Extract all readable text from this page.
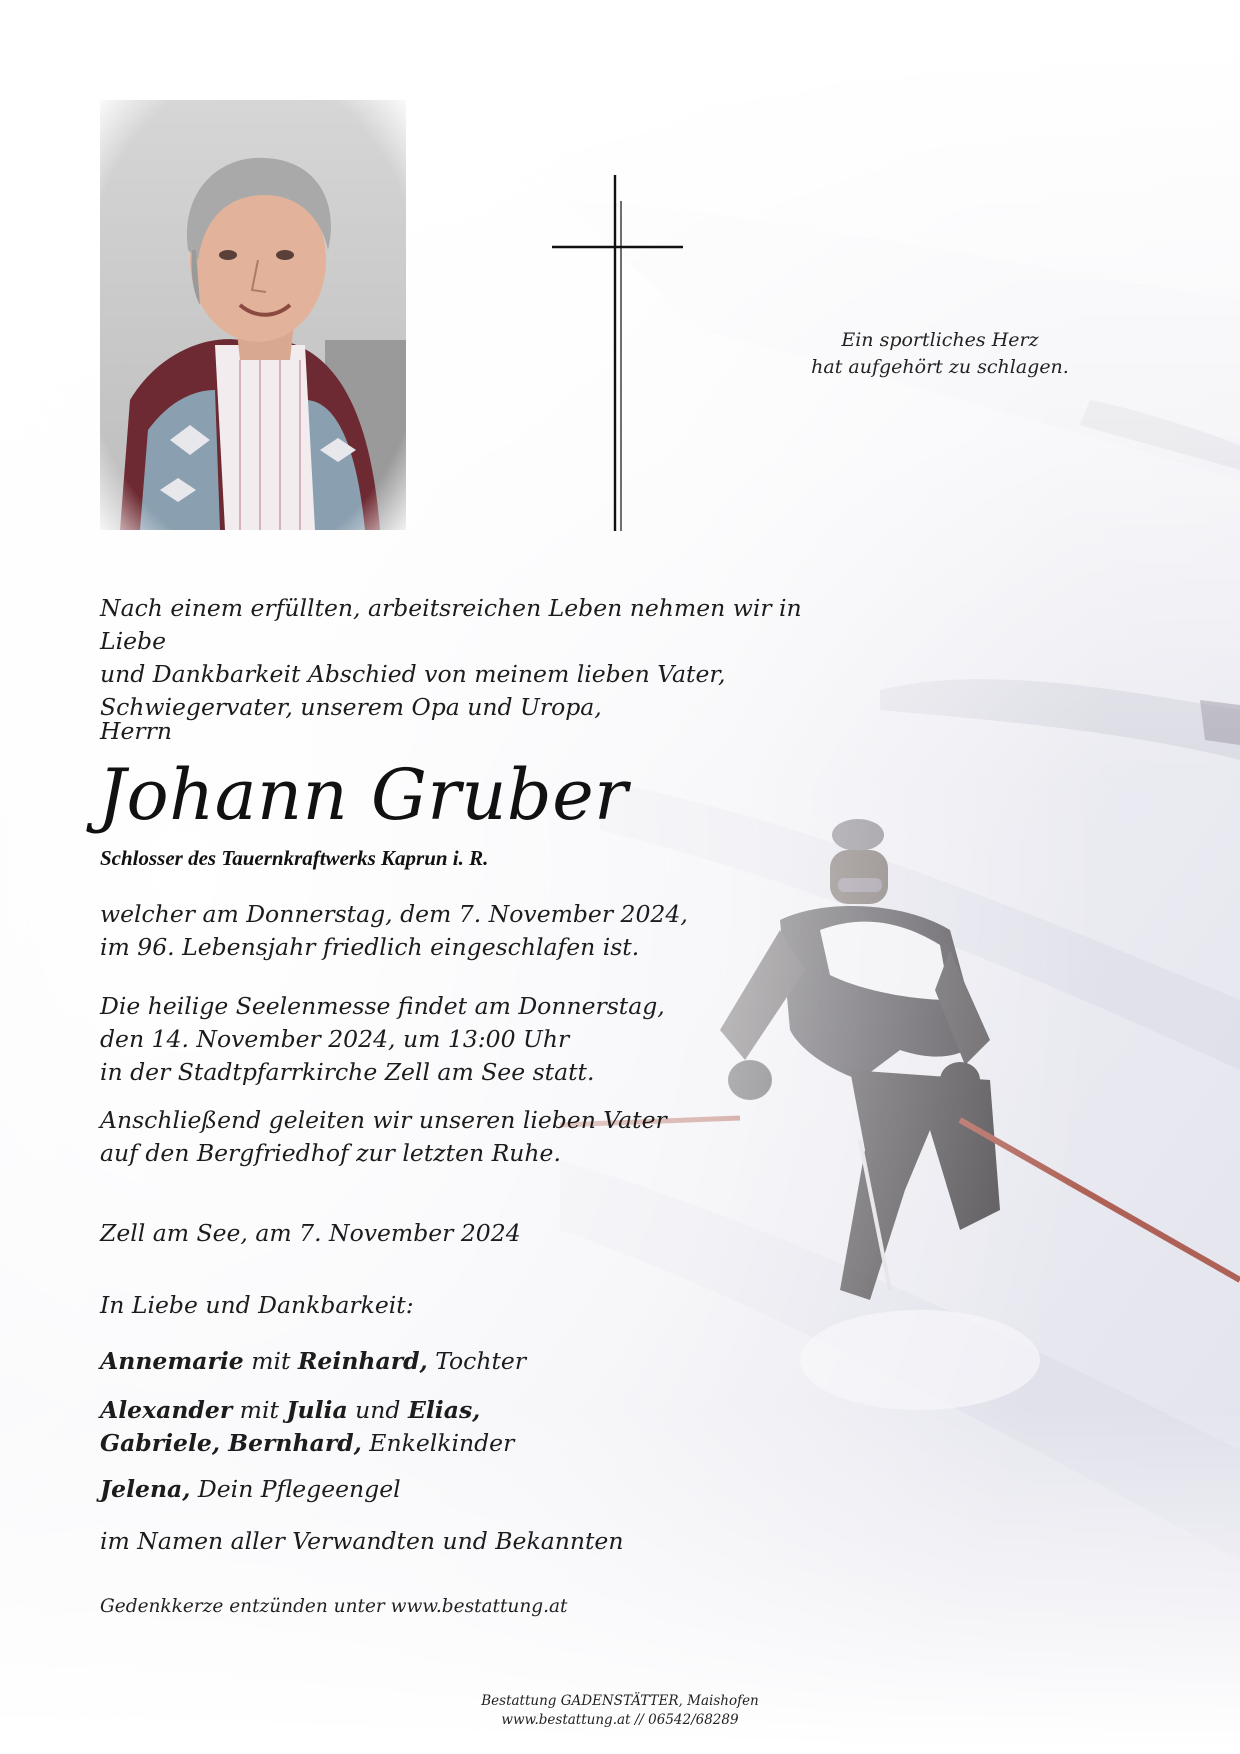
Ein sportliches Herz
hat aufgehört zu schlagen.
Nach einem erfüllten, arbeitsreichen Leben nehmen wir in Liebe
und Dankbarkeit Abschied von meinem lieben Vater,
Schwiegervater, unserem Opa und Uropa,
Herrn
Johann Gruber
Schlosser des Tauernkraftwerks Kaprun i. R.
welcher am Donnerstag, dem 7. November 2024,
im 96. Lebensjahr friedlich eingeschlafen ist.
Die heilige Seelenmesse findet am Donnerstag,
den 14. November 2024, um 13:00 Uhr
in der Stadtpfarrkirche Zell am See statt.
Anschließend geleiten wir unseren lieben Vater
auf den Bergfriedhof zur letzten Ruhe.
Zell am See, am 7. November 2024
In Liebe und Dankbarkeit:
Annemarie mit Reinhard, Tochter
Alexander mit Julia und Elias,
Gabriele, Bernhard, Enkelkinder
Jelena, Dein Pflegeengel
im Namen aller Verwandten und Bekannten
Gedenkkerze entzünden unter www.bestattung.at
Bestattung GADENSTÄTTER, Maishofen
www.bestattung.at // 06542/68289
